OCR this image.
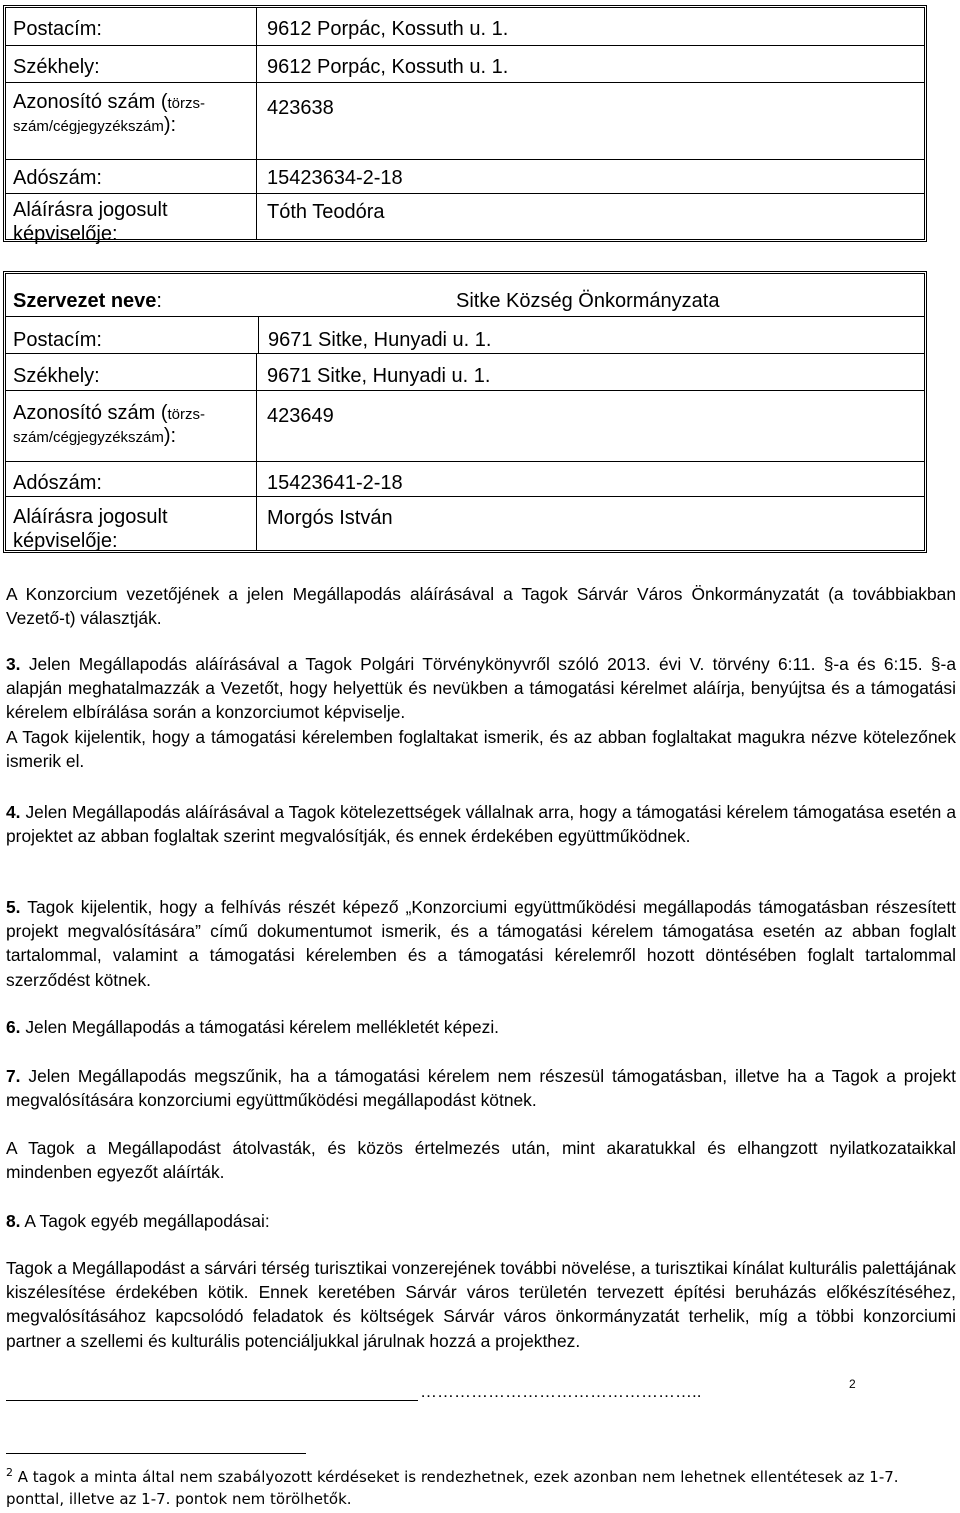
Postacím:	9612 Porpác, Kossuth u. 1.
Székhely:	9612 Porpác, Kossuth u. 1.
Azonosító szám (törzs-
szám/cégjegyzékszám):
423638
Adószám:	15423634-2-18
Aláírásra jogosult
képviselője:
Tóth Teodóra
Szervezet neve:	Sitke Község Önkormányzata
Postacím:	9671 Sitke, Hunyadi u. 1.
Székhely:	9671 Sitke, Hunyadi u. 1.
Azonosító szám (törzs-
szám/cégjegyzékszám):
423649
Adószám:	15423641-2-18
Aláírásra jogosult
képviselője:
Morgós István

A Konzorcium vezetőjének a jelen Megállapodás aláírásával a Tagok Sárvár Város Önkormányzatát (a továbbiakban Vezető-t) választják.

3. Jelen Megállapodás aláírásával a Tagok Polgári Törvénykönyvről szóló 2013. évi V. törvény 6:11. §-a és 6:15. §-a alapján meghatalmazzák a Vezetőt, hogy helyettük és nevükben a támogatási kérelmet aláírja, benyújtsa és a támogatási kérelem elbírálása során a konzorciumot képviselje.

A Tagok kijelentik, hogy a támogatási kérelemben foglaltakat ismerik, és az abban foglaltakat magukra nézve kötelezőnek ismerik el.

4. Jelen Megállapodás aláírásával a Tagok kötelezettségek vállalnak arra, hogy a támogatási kérelem támogatása esetén a projektet az abban foglaltak szerint megvalósítják, és ennek érdekében együttműködnek.

5. Tagok kijelentik, hogy a felhívás részét képező „Konzorciumi együttműködési megállapodás támogatásban részesített projekt megvalósítására” című dokumentumot ismerik, és a támogatási kérelem támogatása esetén az abban foglalt tartalommal, valamint a támogatási kérelemben és a támogatási kérelemről hozott döntésében foglalt tartalommal szerződést kötnek.

6. Jelen Megállapodás a támogatási kérelem mellékletét képezi.

7. Jelen Megállapodás megszűnik, ha a támogatási kérelem nem részesül támogatásban, illetve ha a Tagok a projekt megvalósítására konzorciumi együttműködési megállapodást kötnek.

A Tagok a Megállapodást átolvasták, és közös értelmezés után, mint akaratukkal és elhangzott nyilatkozataikkal mindenben egyezőt aláírták.

8. A Tagok egyéb megállapodásai:

Tagok a Megállapodást a sárvári térség turisztikai vonzerejének további növelése, a turisztikai kínálat kulturális palettájának kiszélesítése érdekében kötik. Ennek keretében Sárvár város területén tervezett építési beruházás előkészítéséhez, megvalósításához kapcsolódó feladatok és költségek Sárvár város önkormányzatát terhelik, míg a többi konzorciumi partner a szellemi és kulturális potenciáljukkal járulnak hozzá a projekthez.

…………………………………………..	2
$^2$ A tagok a minta által nem szabályozott kérdéseket is rendezhetnek, ezek azonban nem lehetnek ellentétesek az 1-7. ponttal, illetve az 1-7. pontok nem törölhetők.
